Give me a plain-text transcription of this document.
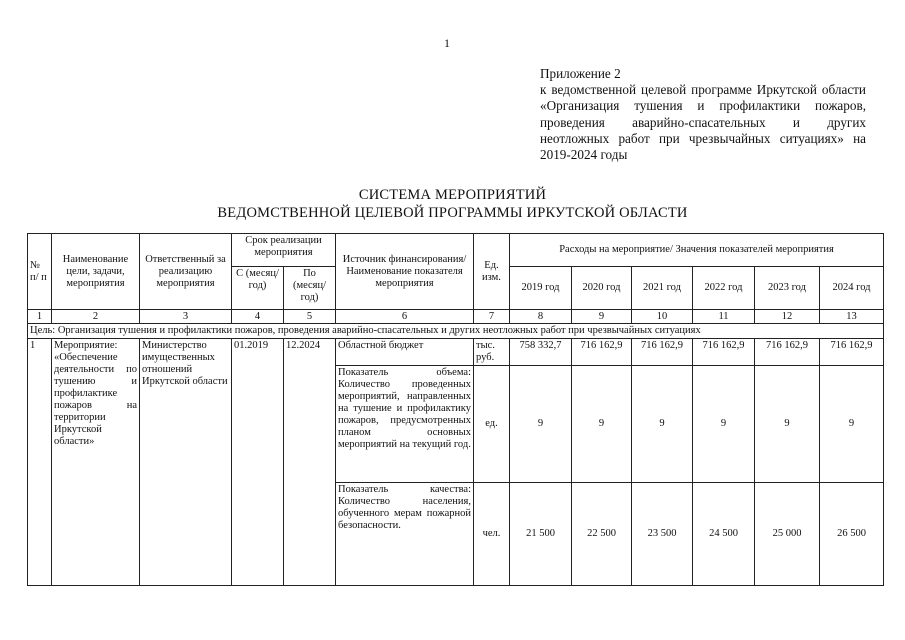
1
Приложение 2
к ведомственной целевой программе Иркутской области «Организация тушения и профилактики пожаров, проведения аварийно-спасательных и других неотложных работ при чрезвычайных ситуациях» на 2019-2024 годы
СИСТЕМА МЕРОПРИЯТИЙ
ВЕДОМСТВЕННОЙ ЦЕЛЕВОЙ ПРОГРАММЫ ИРКУТСКОЙ ОБЛАСТИ
№ п/ п	Наименование цели, задачи, мероприятия	Ответственный за реализацию мероприятия	Срок реализации мероприятия		Источник финансирования/ Наименование показателя мероприятия	Ед. изм.	Расходы на мероприятие/ Значения показателей мероприятия					
			С (месяц/ год)	По (месяц/ год)			2019 год	2020 год	2021 год	2022 год	2023 год	2024 год
1	2	3	4	5	6	7	8	9	10	11	12	13
Цель: Организация тушения и профилактики пожаров, проведения аварийно-спасательных и других неотложных работ при чрезвычайных ситуациях												
1	Мероприятие: «Обеспечение деятельности по тушению и профилактике пожаров на территории Иркутской области»	Министерство имущественных отношений Иркутской области	01.2019	12.2024	Областной бюджет	тыс. руб.	758 332,7	716 162,9	716 162,9	716 162,9	716 162,9	716 162,9
					Показатель объема: Количество проведенных мероприятий, направленных на тушение и профилактику пожаров, предусмотренных планом основных мероприятий на текущий год.	ед.	9	9	9	9	9	9
					Показатель качества: Количество населения, обученного мерам пожарной безопасности.	чел.	21 500	22 500	23 500	24 500	25 000	26 500
